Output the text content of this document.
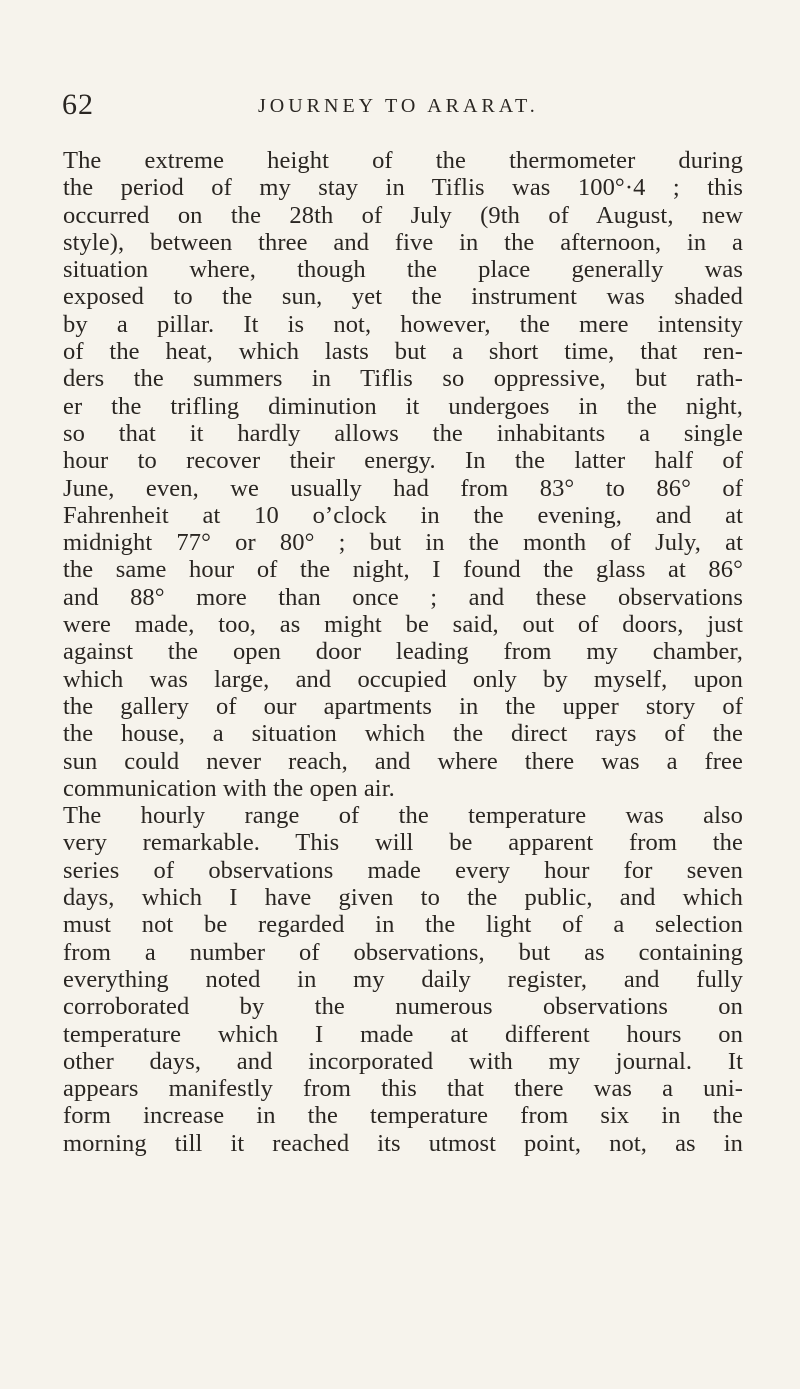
62	JOURNEY TO ARARAT.
The extreme height of the thermometer during
the period of my stay in Tiflis was 100°·4 ; this
occurred on the 28th of July (9th of August, new
style), between three and five in the afternoon, in a
situation where, though the place generally was
exposed to the sun, yet the instrument was shaded
by a pillar. It is not, however, the mere intensity
of the heat, which lasts but a short time, that ren-
ders the summers in Tiflis so oppressive, but rath-
er the trifling diminution it undergoes in the night,
so that it hardly allows the inhabitants a single
hour to recover their energy. In the latter half of
June, even, we usually had from 83° to 86° of
Fahrenheit at 10 o’clock in the evening, and at
midnight 77° or 80° ; but in the month of July, at
the same hour of the night, I found the glass at 86°
and 88° more than once ; and these observations
were made, too, as might be said, out of doors, just
against the open door leading from my chamber,
which was large, and occupied only by myself, upon
the gallery of our apartments in the upper story of
the house, a situation which the direct rays of the
sun could never reach, and where there was a free
communication with the open air.
The hourly range of the temperature was also
very remarkable. This will be apparent from the
series of observations made every hour for seven
days, which I have given to the public, and which
must not be regarded in the light of a selection
from a number of observations, but as containing
everything noted in my daily register, and fully
corroborated by the numerous observations on
temperature which I made at different hours on
other days, and incorporated with my journal. It
appears manifestly from this that there was a uni-
form increase in the temperature from six in the
morning till it reached its utmost point, not, as in
